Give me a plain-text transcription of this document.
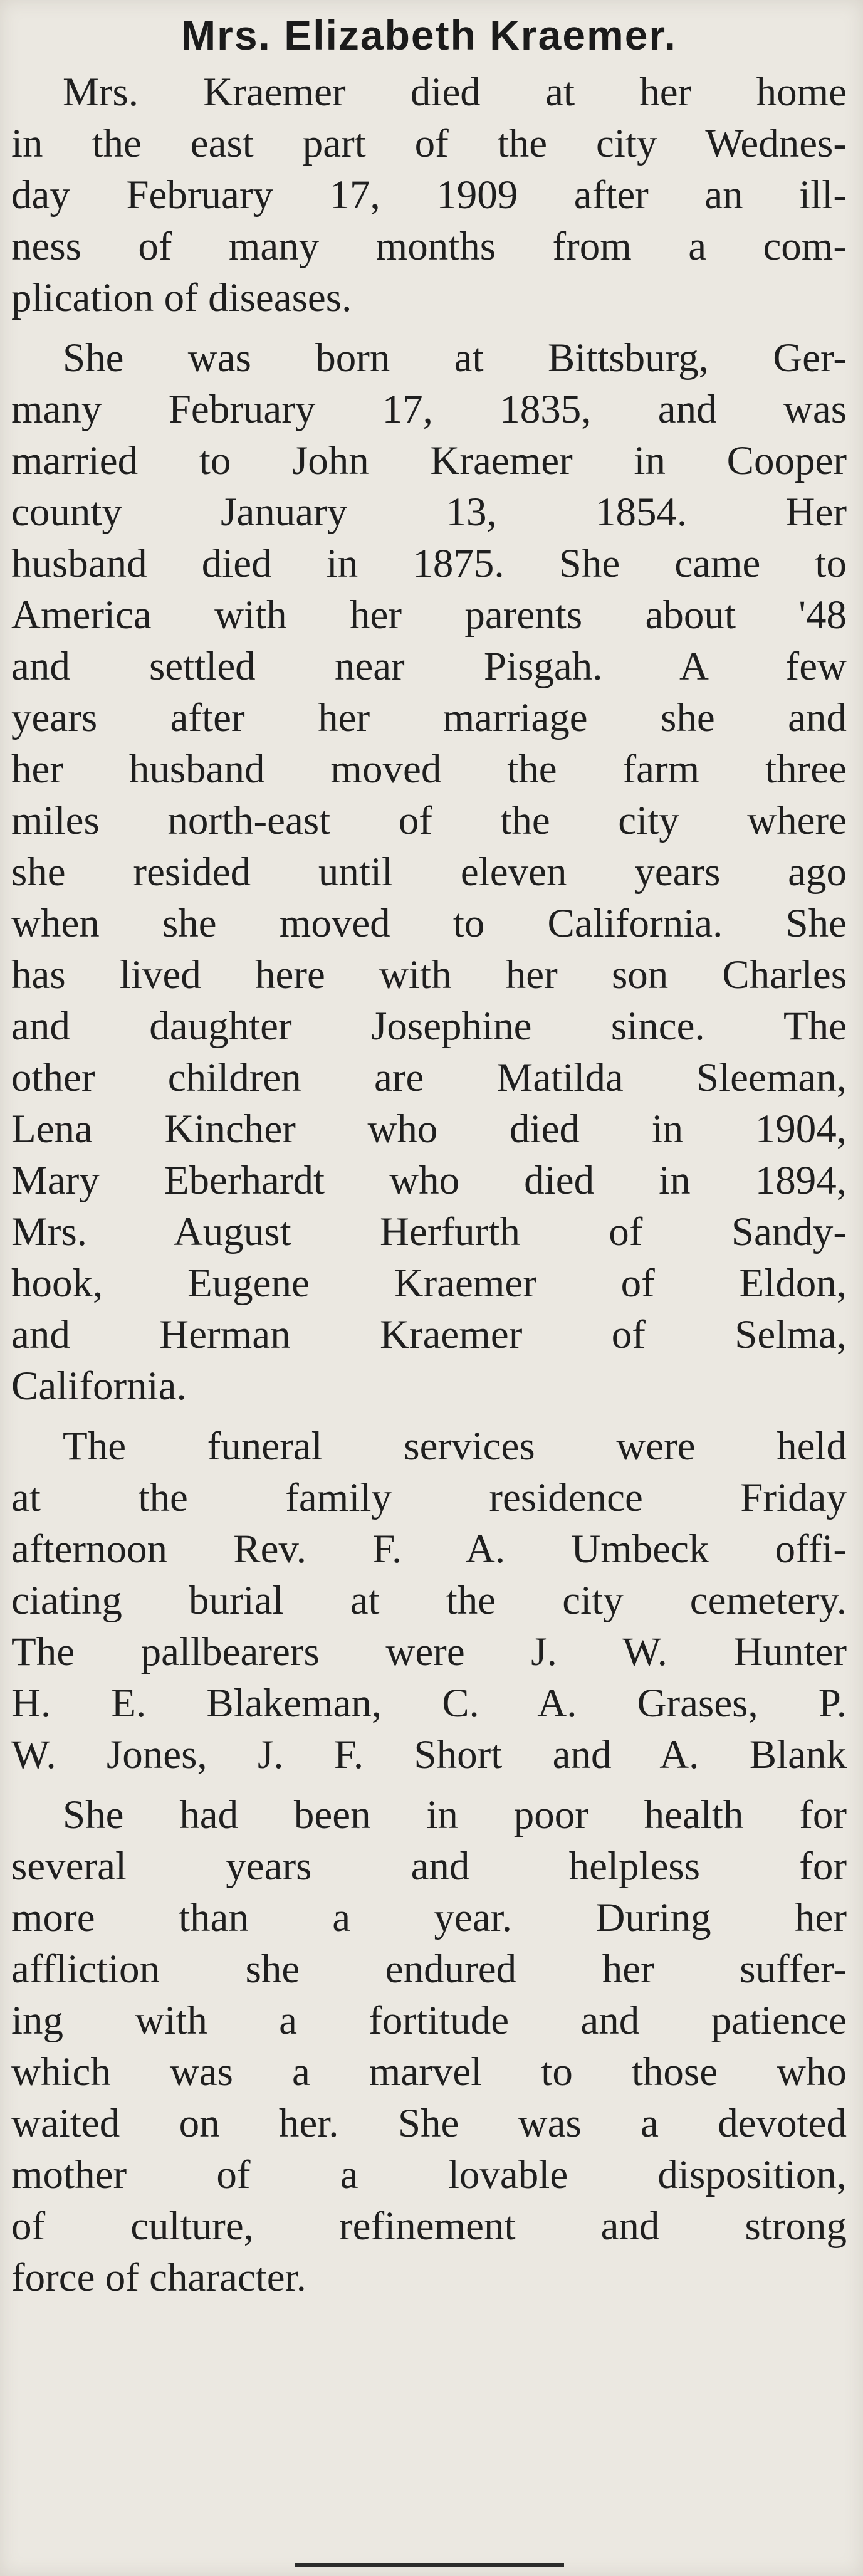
Mrs. Elizabeth Kraemer.
Mrs. Kraemer died at her home
in the east part of the city Wednes-
day February 17, 1909 after an ill-
ness of many months from a com-
plication of diseases.
She was born at Bittsburg, Ger-
many February 17, 1835, and was
married to John Kraemer in Cooper
county January 13, 1854. Her
husband died in 1875. She came to
America with her parents about '48
and settled near Pisgah. A few
years after her marriage she and
her husband moved the farm three
miles north-east of the city where
she resided until eleven years ago
when she moved to California. She
has lived here with her son Charles
and daughter Josephine since. The
other children are Matilda Sleeman,
Lena Kincher who died in 1904,
Mary Eberhardt who died in 1894,
Mrs. August Herfurth of Sandy-
hook, Eugene Kraemer of Eldon,
and Herman Kraemer of Selma,
California.
The funeral services were held
at the family residence Friday
afternoon Rev. F. A. Umbeck offi-
ciating burial at the city cemetery.
The pallbearers were J. W. Hunter
H. E. Blakeman, C. A. Grases, P.
W. Jones, J. F. Short and A. Blank
She had been in poor health for
several years and helpless for
more than a year. During her
affliction she endured her suffer-
ing with a fortitude and patience
which was a marvel to those who
waited on her. She was a devoted
mother of a lovable disposition,
of culture, refinement and strong
force of character.
